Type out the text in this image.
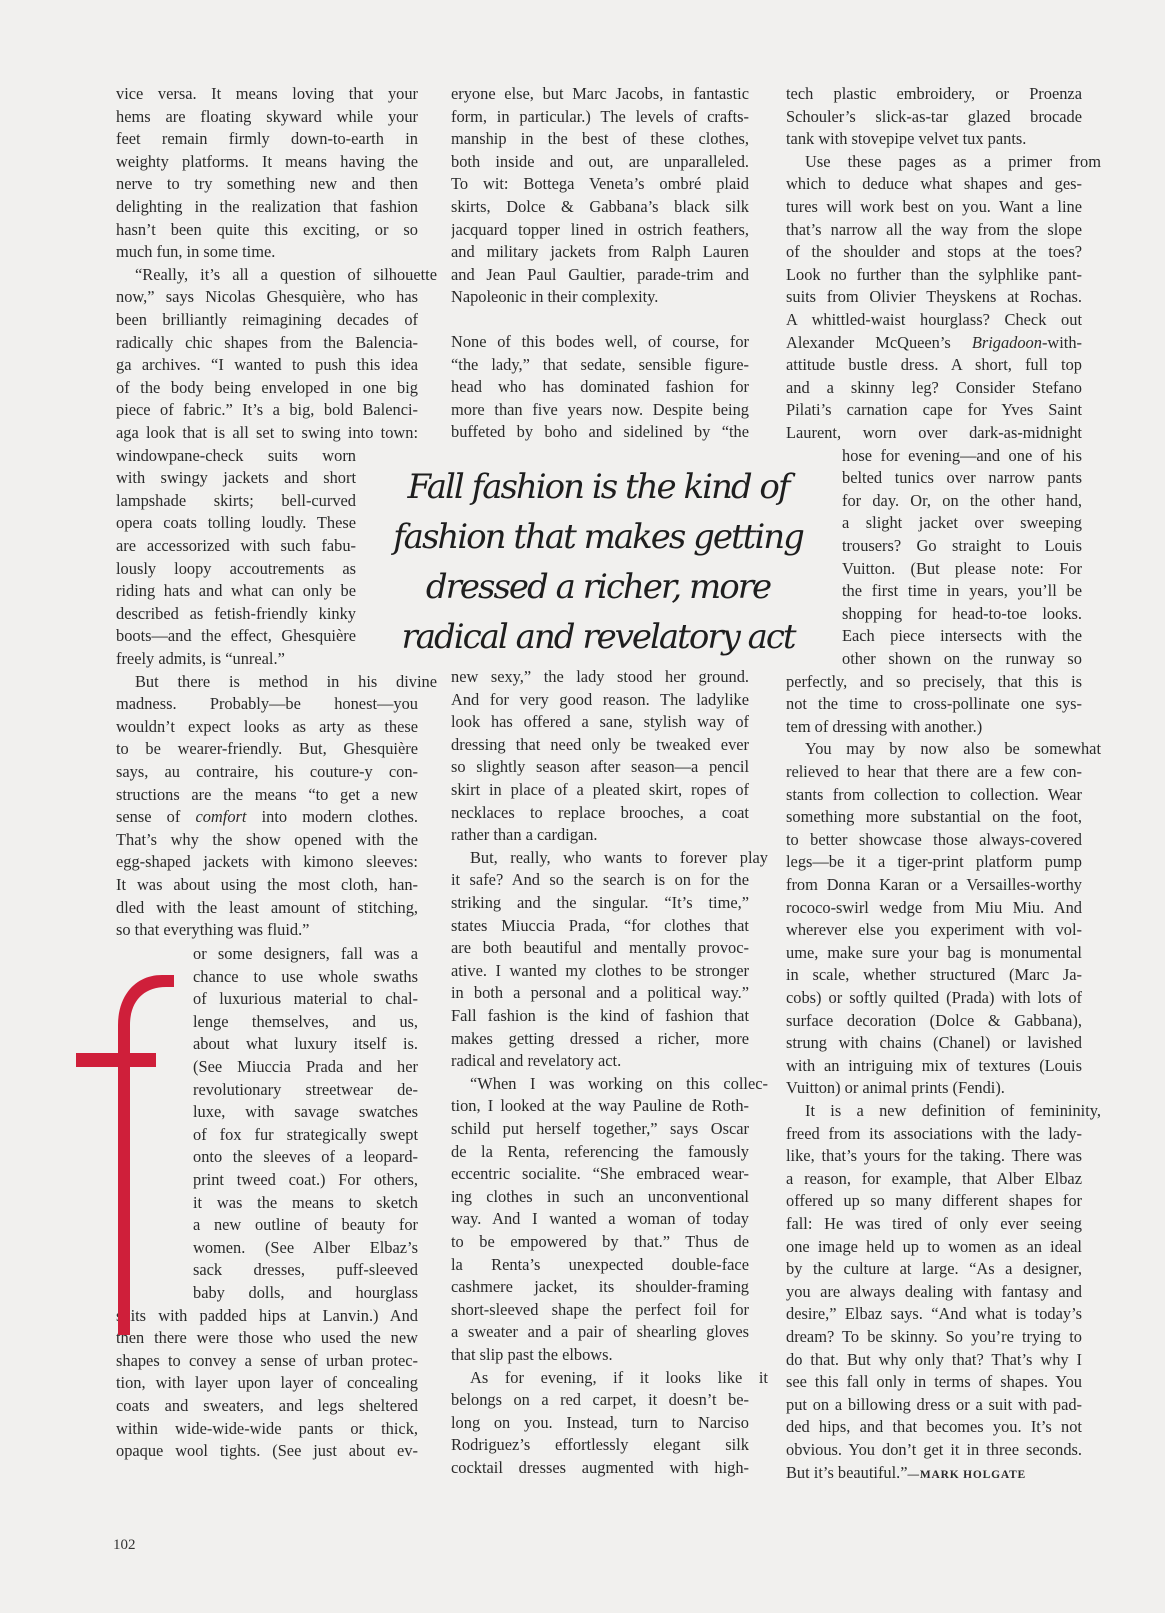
vice versa. It means loving that your
hems are floating skyward while your
feet remain firmly down-to-earth in
weighty platforms. It means having the
nerve to try something new and then
delighting in the realization that fashion
hasn’t been quite this exciting, or so
much fun, in some time.
“Really, it’s all a question of silhouette
now,” says Nicolas Ghesquière, who has
been brilliantly reimagining decades of
radically chic shapes from the Balencia-
ga archives. “I wanted to push this idea
of the body being enveloped in one big
piece of fabric.” It’s a big, bold Balenci-
aga look that is all set to swing into town:
windowpane-check suits worn
with swingy jackets and short
lampshade skirts; bell-curved
opera coats tolling loudly. These
are accessorized with such fabu-
lously loopy accoutrements as
riding hats and what can only be
described as fetish-friendly kinky
boots—and the effect, Ghesquière
freely admits, is “unreal.”
But there is method in his divine
madness. Probably—be honest—you
wouldn’t expect looks as arty as these
to be wearer-friendly. But, Ghesquière
says, au contraire, his couture-y con-
structions are the means “to get a new
sense of comfort into modern clothes.
That’s why the show opened with the
egg-shaped jackets with kimono sleeves:
It was about using the most cloth, han-
dled with the least amount of stitching,
so that everything was fluid.”
or some designers, fall was a
chance to use whole swaths
of luxurious material to chal-
lenge themselves, and us,
about what luxury itself is.
(See Miuccia Prada and her
revolutionary streetwear de-
luxe, with savage swatches
of fox fur strategically swept
onto the sleeves of a leopard-
print tweed coat.) For others,
it was the means to sketch
a new outline of beauty for
women. (See Alber Elbaz’s
sack dresses, puff-sleeved
baby dolls, and hourglass
suits with padded hips at Lanvin.) And
then there were those who used the new
shapes to convey a sense of urban protec-
tion, with layer upon layer of concealing
coats and sweaters, and legs sheltered
within wide-wide-wide pants or thick,
opaque wool tights. (See just about ev-
eryone else, but Marc Jacobs, in fantastic
form, in particular.) The levels of crafts-
manship in the best of these clothes,
both inside and out, are unparalleled.
To wit: Bottega Veneta’s ombré plaid
skirts, Dolce & Gabbana’s black silk
jacquard topper lined in ostrich feathers,
and military jackets from Ralph Lauren
and Jean Paul Gaultier, parade-trim and
Napoleonic in their complexity.
None of this bodes well, of course, for
“the lady,” that sedate, sensible figure-
head who has dominated fashion for
more than five years now. Despite being
buffeted by boho and sidelined by “the
new sexy,” the lady stood her ground.
And for very good reason. The ladylike
look has offered a sane, stylish way of
dressing that need only be tweaked ever
so slightly season after season—a pencil
skirt in place of a pleated skirt, ropes of
necklaces to replace brooches, a coat
rather than a cardigan.
But, really, who wants to forever play
it safe? And so the search is on for the
striking and the singular. “It’s time,”
states Miuccia Prada, “for clothes that
are both beautiful and mentally provoc-
ative. I wanted my clothes to be stronger
in both a personal and a political way.”
Fall fashion is the kind of fashion that
makes getting dressed a richer, more
radical and revelatory act.
“When I was working on this collec-
tion, I looked at the way Pauline de Roth-
schild put herself together,” says Oscar
de la Renta, referencing the famously
eccentric socialite. “She embraced wear-
ing clothes in such an unconventional
way. And I wanted a woman of today
to be empowered by that.” Thus de
la Renta’s unexpected double-face
cashmere jacket, its shoulder-framing
short-sleeved shape the perfect foil for
a sweater and a pair of shearling gloves
that slip past the elbows.
As for evening, if it looks like it
belongs on a red carpet, it doesn’t be-
long on you. Instead, turn to Narciso
Rodriguez’s effortlessly elegant silk
cocktail dresses augmented with high-
tech plastic embroidery, or Proenza
Schouler’s slick-as-tar glazed brocade
tank with stovepipe velvet tux pants.
Use these pages as a primer from
which to deduce what shapes and ges-
tures will work best on you. Want a line
that’s narrow all the way from the slope
of the shoulder and stops at the toes?
Look no further than the sylphlike pant-
suits from Olivier Theyskens at Rochas.
A whittled-waist hourglass? Check out
Alexander McQueen’s Brigadoon-with-
attitude bustle dress. A short, full top
and a skinny leg? Consider Stefano
Pilati’s carnation cape for Yves Saint
Laurent, worn over dark-as-midnight
hose for evening—and one of his
belted tunics over narrow pants
for day. Or, on the other hand,
a slight jacket over sweeping
trousers? Go straight to Louis
Vuitton. (But please note: For
the first time in years, you’ll be
shopping for head-to-toe looks.
Each piece intersects with the
other shown on the runway so
perfectly, and so precisely, that this is
not the time to cross-pollinate one sys-
tem of dressing with another.)
You may by now also be somewhat
relieved to hear that there are a few con-
stants from collection to collection. Wear
something more substantial on the foot,
to better showcase those always-covered
legs—be it a tiger-print platform pump
from Donna Karan or a Versailles-worthy
rococo-swirl wedge from Miu Miu. And
wherever else you experiment with vol-
ume, make sure your bag is monumental
in scale, whether structured (Marc Ja-
cobs) or softly quilted (Prada) with lots of
surface decoration (Dolce & Gabbana),
strung with chains (Chanel) or lavished
with an intriguing mix of textures (Louis
Vuitton) or animal prints (Fendi).
It is a new definition of femininity,
freed from its associations with the lady-
like, that’s yours for the taking. There was
a reason, for example, that Alber Elbaz
offered up so many different shapes for
fall: He was tired of only ever seeing
one image held up to women as an ideal
by the culture at large. “As a designer,
you are always dealing with fantasy and
desire,” Elbaz says. “And what is today’s
dream? To be skinny. So you’re trying to
do that. But why only that? That’s why I
see this fall only in terms of shapes. You
put on a billowing dress or a suit with pad-
ded hips, and that becomes you. It’s not
obvious. You don’t get it in three seconds.
But it’s beautiful.”—MARK HOLGATE
Fall fashion is the kind of
fashion that makes getting
dressed a richer, more
radical and revelatory act
102
